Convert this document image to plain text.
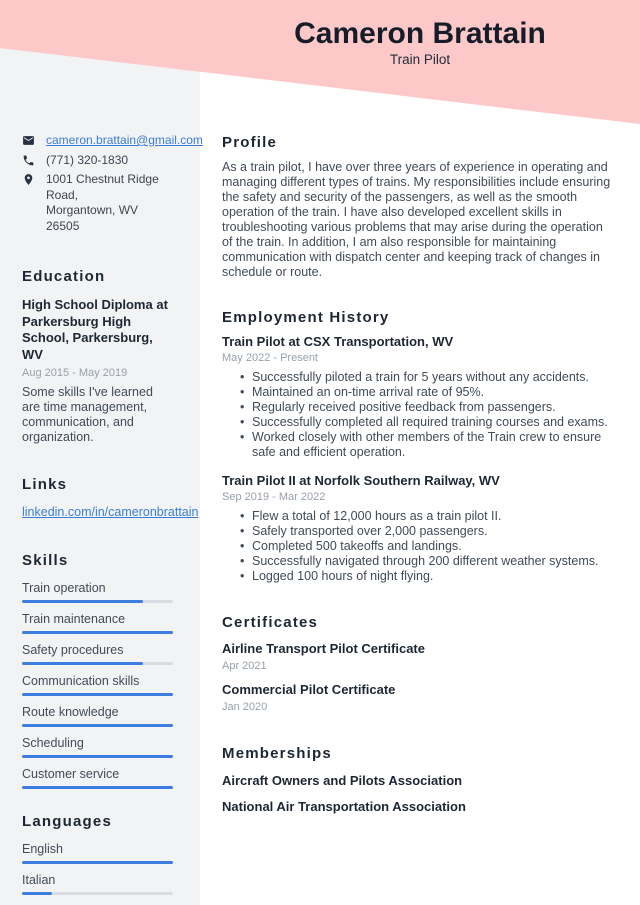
Cameron Brattain
Train Pilot
cameron.brattain@gmail.com
(771) 320-1830
1001 Chestnut Ridge Road,
Morgantown, WV 26505
Education
High School Diploma at Parkersburg High School, Parkersburg, WV
Aug 2015 - May 2019
Some skills I've learned are time management, communication, and organization.
Links
linkedin.com/in/cameronbrattain
Skills
Train operation
Train maintenance
Safety procedures
Communication skills
Route knowledge
Scheduling
Customer service
Languages
English
Italian
Profile
As a train pilot, I have over three years of experience in operating and managing different types of trains. My responsibilities include ensuring the safety and security of the passengers, as well as the smooth operation of the train. I have also developed excellent skills in troubleshooting various problems that may arise during the operation of the train. In addition, I am also responsible for maintaining communication with dispatch center and keeping track of changes in schedule or route.
Employment History
Train Pilot at CSX Transportation, WV
May 2022 - Present
• Successfully piloted a train for 5 years without any accidents.
• Maintained an on-time arrival rate of 95%.
• Regularly received positive feedback from passengers.
• Successfully completed all required training courses and exams.
• Worked closely with other members of the Train crew to ensure safe and efficient operation.
Train Pilot II at Norfolk Southern Railway, WV
Sep 2019 - Mar 2022
• Flew a total of 12,000 hours as a train pilot II.
• Safely transported over 2,000 passengers.
• Completed 500 takeoffs and landings.
• Successfully navigated through 200 different weather systems.
• Logged 100 hours of night flying.
Certificates
Airline Transport Pilot Certificate
Apr 2021
Commercial Pilot Certificate
Jan 2020
Memberships
Aircraft Owners and Pilots Association
National Air Transportation Association
